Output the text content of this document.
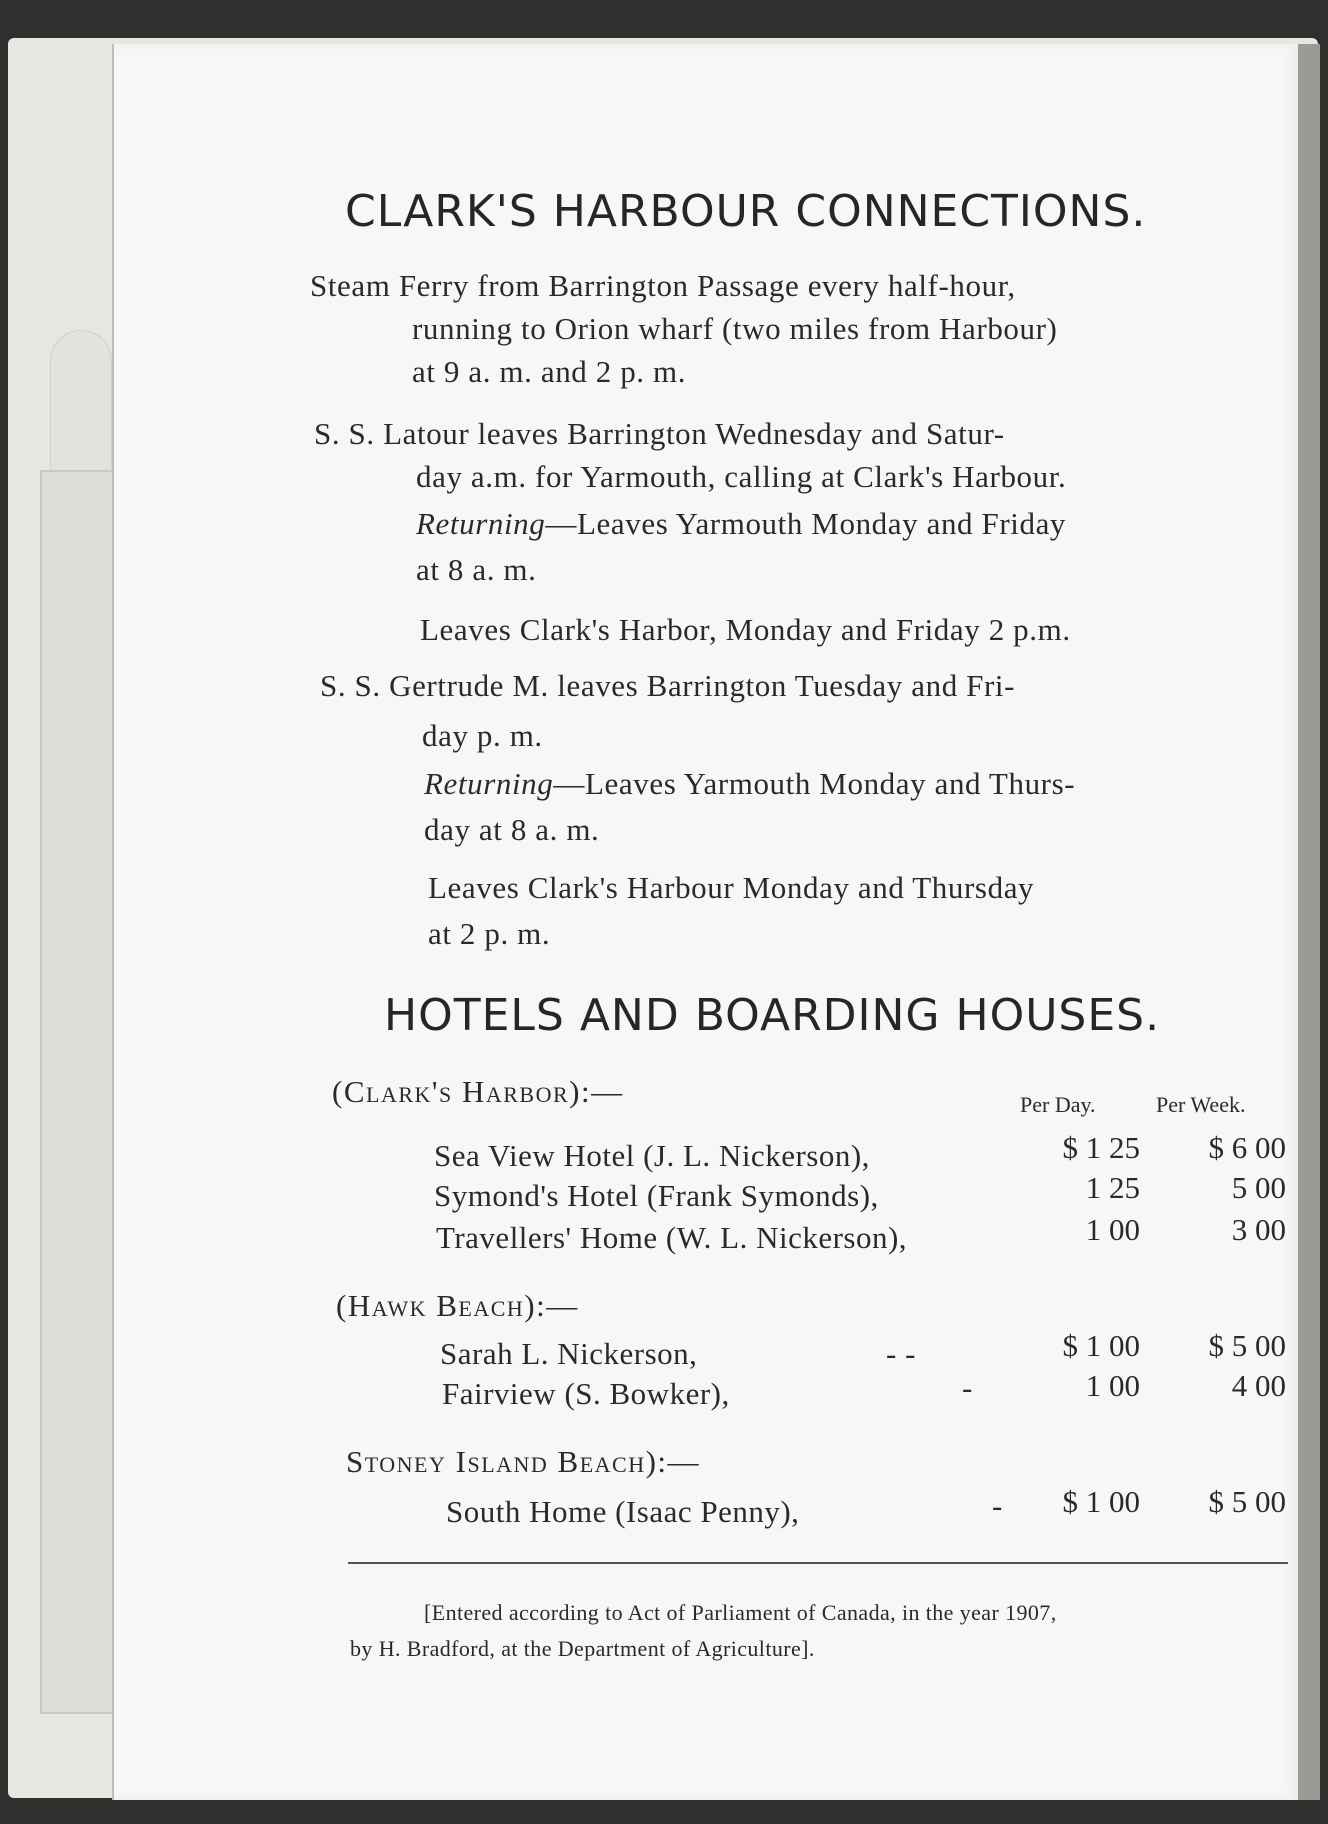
CLARK'S HARBOUR CONNECTIONS.
Steam Ferry from Barrington Passage every half-hour,
running to Orion wharf (two miles from Harbour)
at 9 a. m. and 2 p. m.
S. S. Latour leaves Barrington Wednesday and Satur-
day a.m. for Yarmouth, calling at Clark's Harbour.
Returning—Leaves Yarmouth Monday and Friday
at 8 a. m.
Leaves Clark's Harbor, Monday and Friday 2 p.m.
S. S. Gertrude M. leaves Barrington Tuesday and Fri-
day p. m.
Returning—Leaves Yarmouth Monday and Thurs-
day at 8 a. m.
Leaves Clark's Harbour Monday and Thursday
at 2 p. m.
HOTELS AND BOARDING HOUSES.
(Clark's Harbor):—	Per Day.	Per Week.
Sea View Hotel (J. L. Nickerson),	$ 1 25	$ 6 00
Symond's Hotel (Frank Symonds),	1 25	5 00
Travellers' Home (W. L. Nickerson),	1 00	3 00
(Hawk Beach):—
Sarah L. Nickerson,	- -	$ 1 00	$ 5 00
Fairview (S. Bowker),	-	1 00	4 00
Stoney Island Beach):—
South Home (Isaac Penny),	-	$ 1 00	$ 5 00
[Entered according to Act of Parliament of Canada, in the year 1907,
by H. Bradford, at the Department of Agriculture].
